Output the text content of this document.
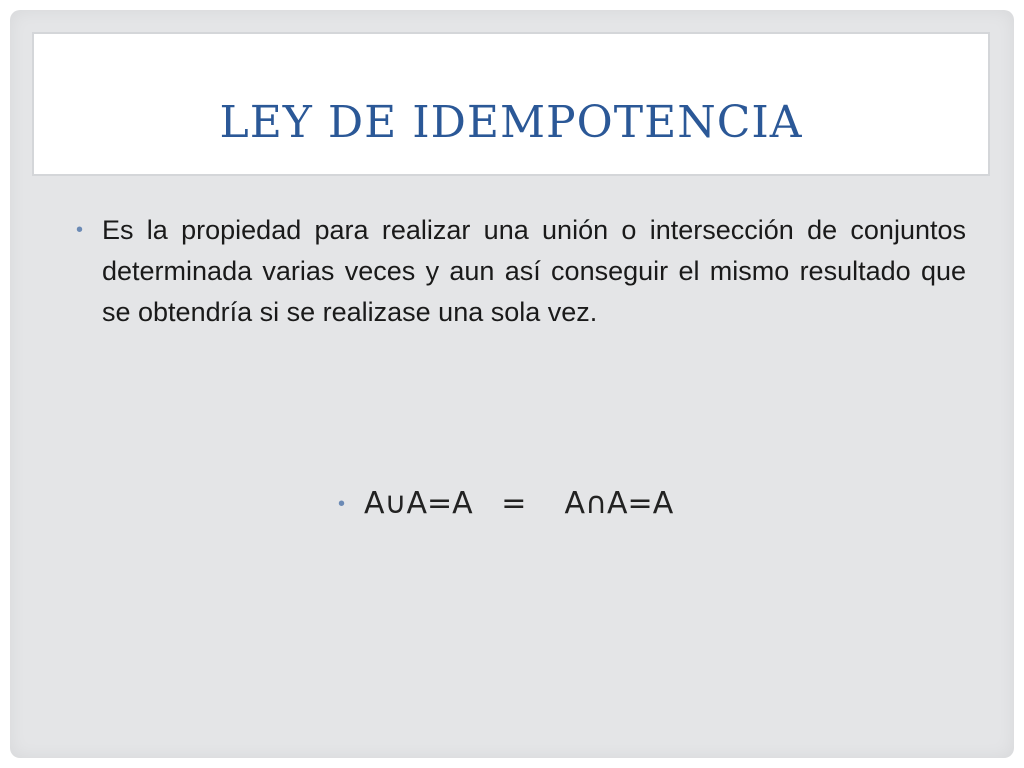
LEY DE IDEMPOTENCIA
• Es la propiedad para realizar una unión o intersección de conjuntos determinada varias veces y aun así conseguir el mismo resultado que se obtendría si se realizase una sola vez.
• A∪A=A   =    A∩A=A
